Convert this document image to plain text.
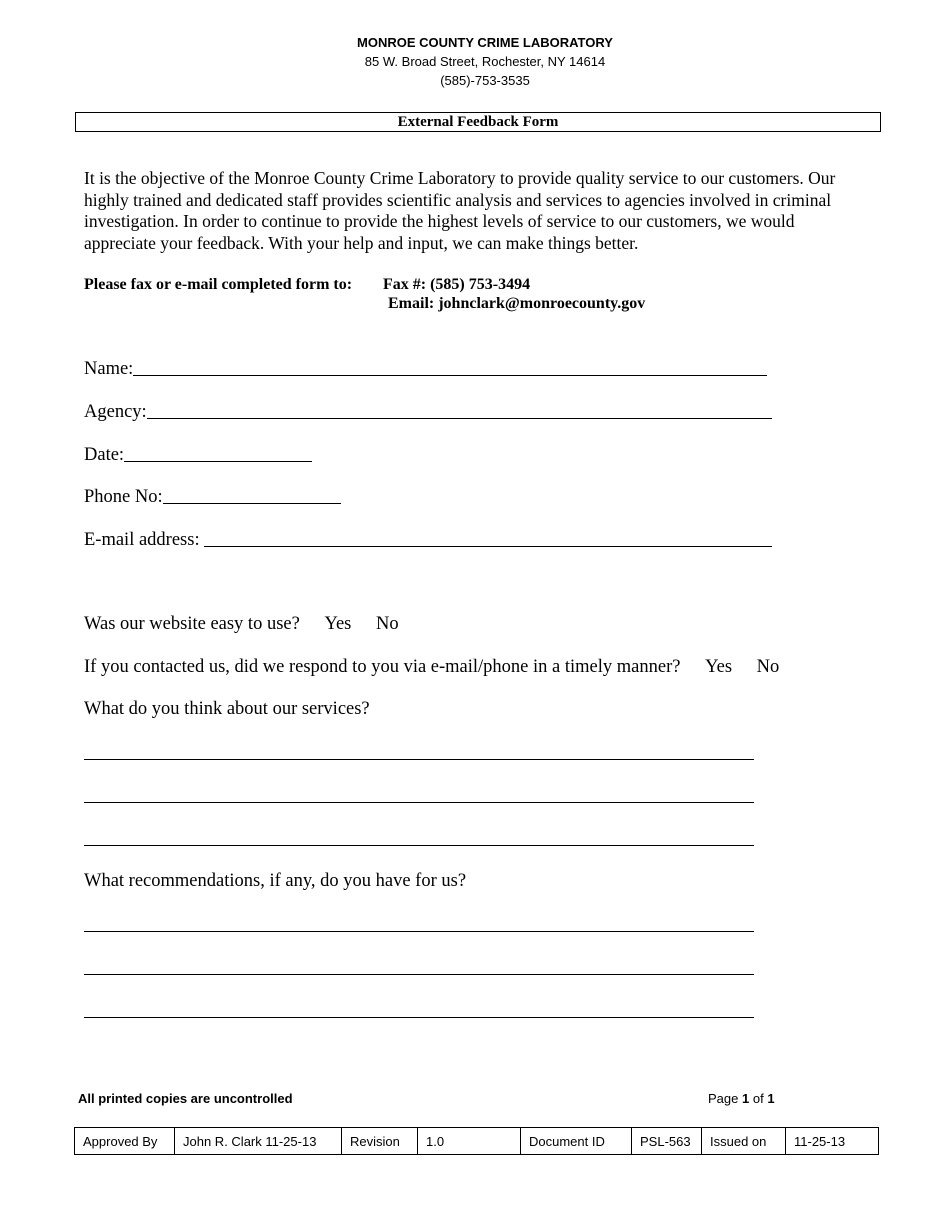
MONROE COUNTY CRIME LABORATORY
85 W. Broad Street, Rochester, NY 14614
(585)-753-3535
External Feedback Form
It is the objective of the Monroe County Crime Laboratory to provide quality service to our customers. Our highly trained and dedicated staff provides scientific analysis and services to agencies involved in criminal investigation. In order to continue to provide the highest levels of service to our customers, we would appreciate your feedback. With your help and input, we can make things better.
Please fax or e-mail completed form to: Fax #: (585) 753-3494
Email: johnclark@monroecounty.gov
Name:
Agency:
Date:
Phone No:
E-mail address:
Was our website easy to use? Yes No
If you contacted us, did we respond to you via e-mail/phone in a timely manner? Yes No
What do you think about our services?
What recommendations, if any, do you have for us?
All printed copies are uncontrolled	Page 1 of 1
Approved By	John R. Clark 11-25-13	Revision	1.0	Document ID	PSL-563	Issued on	11-25-13
